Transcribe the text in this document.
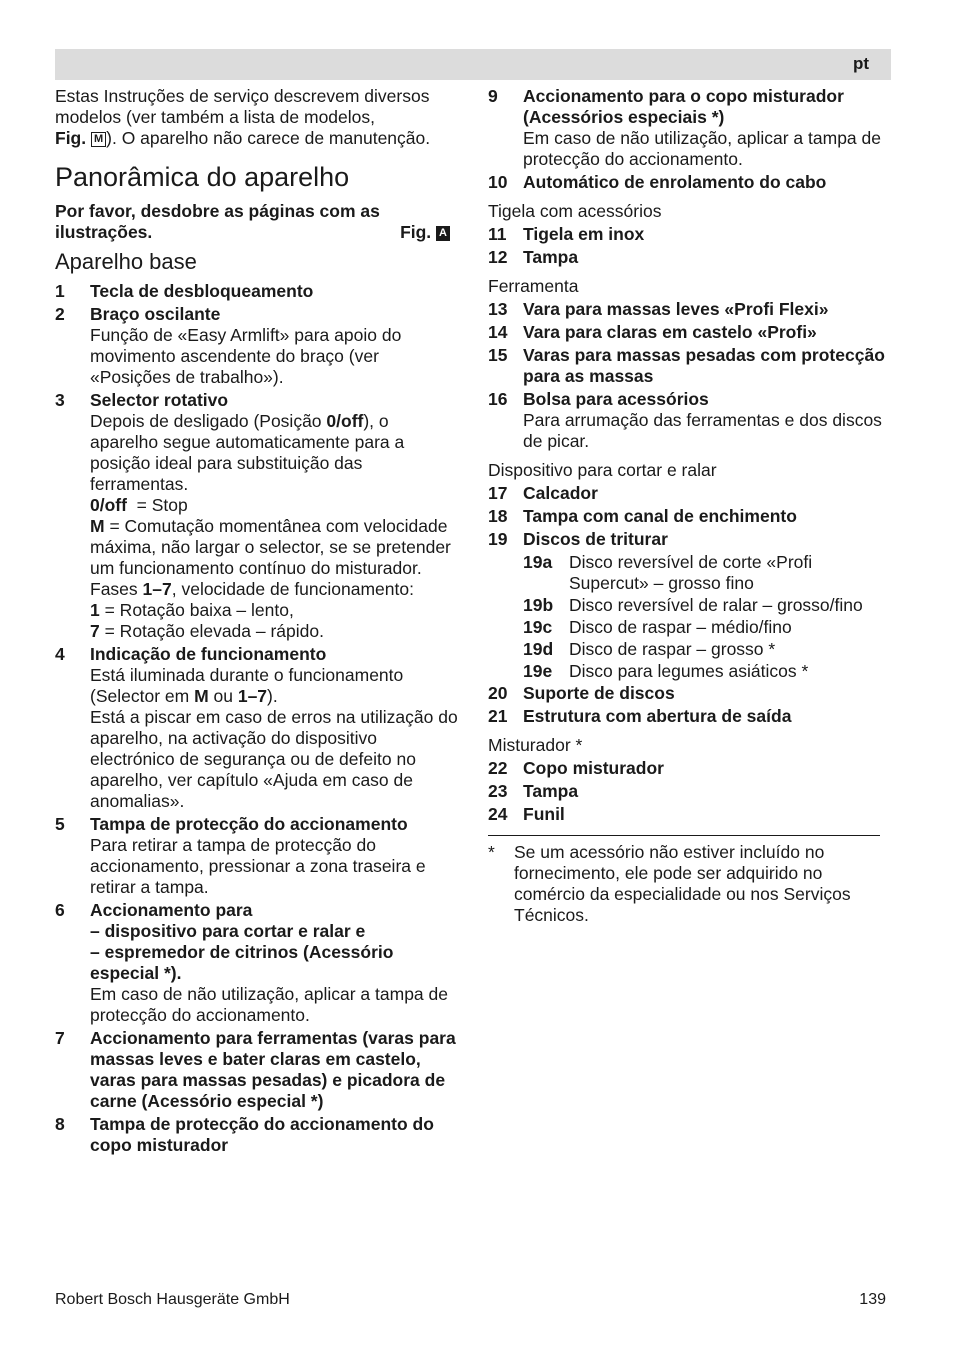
pt

Estas Instruções de serviço descrevem diversos modelos (ver também a lista de modelos,
Fig. M ). O aparelho não carece de manutenção.

Panorâmica do aparelho

Por favor, desdobre as páginas com as ilustrações.	Fig. A

Aparelho base
1	Tecla de desbloqueamento
2	Braço oscilante
Função de «Easy Armlift» para apoio do movimento ascendente do braço (ver «Posições de trabalho»).
3	Selector rotativo

Depois de desligado (Posição 0/off), o aparelho segue automaticamente para a posição ideal para substituição das ferramentas.

0/off  = Stop

M = Comutação momentânea com velocidade máxima, não largar o selector, se se pretender um funcionamento contínuo do misturador.

Fases 1–7, velocidade de funcionamento:

1 = Rotação baixa – lento,

7 = Rotação elevada – rápido.

4	Indicação de funcionamento

Está iluminada durante o funcionamento (Selector em M ou 1–7).

Está a piscar em caso de erros na utilização do aparelho, na activação do dispositivo electrónico de segurança ou de defeito no aparelho, ver capítulo «Ajuda em caso de anomalias».

5	Tampa de protecção do accionamento
Para retirar a tampa de protecção do accionamento, pressionar a zona traseira e retirar a tampa.
6	Accionamento para
– dispositivo para cortar e ralar e
– espremedor de citrinos (Acessório especial *).
Em caso de não utilização, aplicar a tampa de protecção do accionamento.
7	Accionamento para ferramentas (varas para massas leves e bater claras em castelo, varas para massas pesadas) e picadora de carne (Acessório especial *)
8	Tampa de protecção do accionamento do copo misturador
9	Accionamento para o copo misturador (Acessórios especiais *)
Em caso de não utilização, aplicar a tampa de protecção do accionamento.
10 Automático de enrolamento do cabo
Tigela com acessórios
11 Tigela em inox
12 Tampa
Ferramenta
13 Vara para massas leves «Profi Flexi»
14 Vara para claras em castelo «Profi»
15 Varas para massas pesadas com protecção para as massas
16 Bolsa para acessórios
Para arrumação das ferramentas e dos discos de picar.
Dispositivo para cortar e ralar
17 Calcador
18 Tampa com canal de enchimento
19 Discos de triturar
19a Disco reversível de corte «Profi Supercut» – grosso fino
19b Disco reversível de ralar – grosso/fino
19c Disco de raspar – médio/fino
19d Disco de raspar – grosso *
19e Disco para legumes asiáticos *
20 Suporte de discos
21 Estrutura com abertura de saída
Misturador *
22 Copo misturador
23 Tampa
24 Funil
*	Se um acessório não estiver incluído no fornecimento, ele pode ser adquirido no comércio da especialidade ou nos Serviços Técnicos.
Robert Bosch Hausgeräte GmbH	139
